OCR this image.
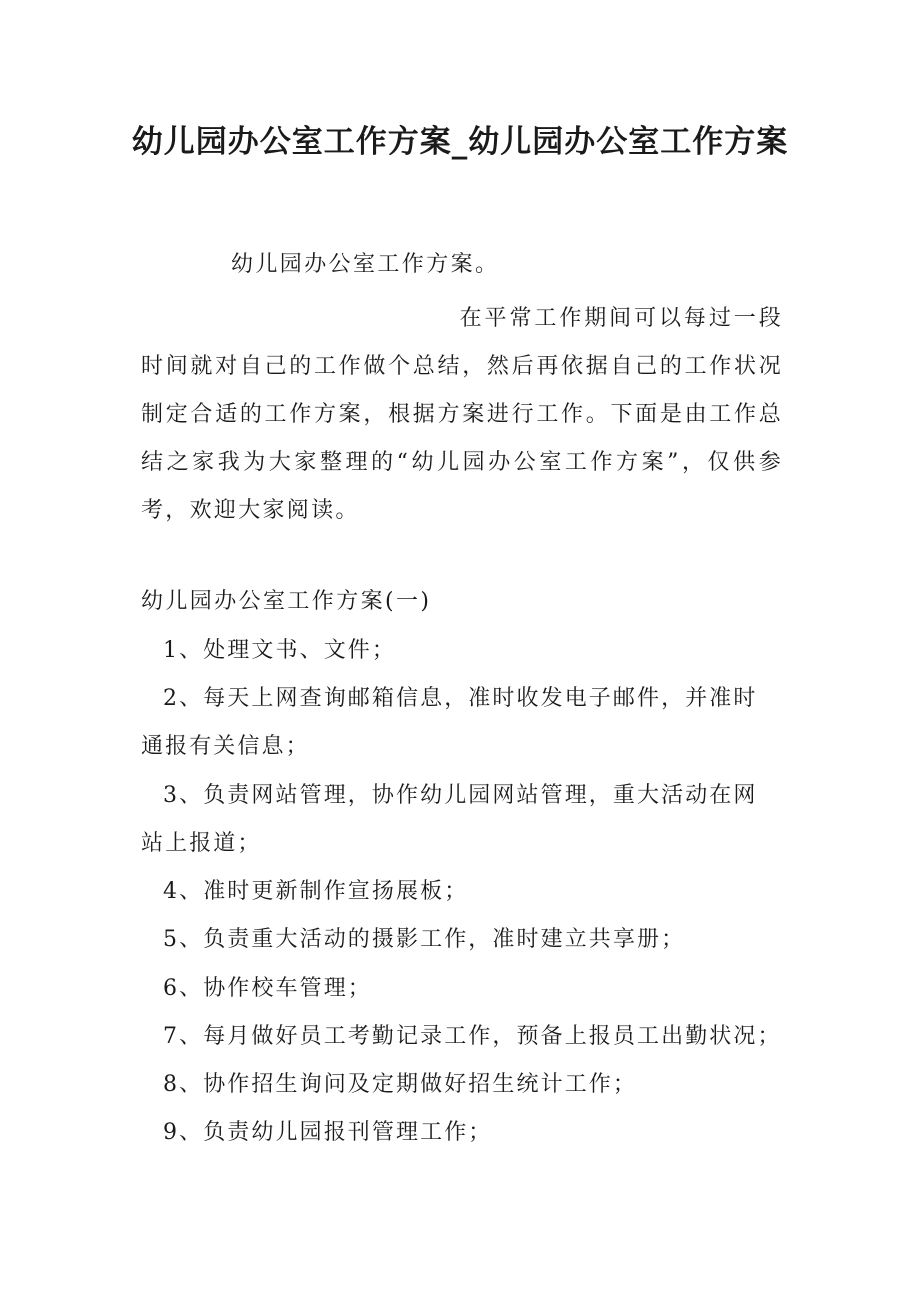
幼儿园办公室工作方案_幼儿园办公室工作方案
幼儿园办公室工作方案。

在平常工作期间可以每过一段时间就对自己的工作做个总结，然后再依据自己的工作状况制定合适的工作方案，根据方案进行工作。下面是由工作总结之家我为大家整理的“幼儿园办公室工作方案”，仅供参考，欢迎大家阅读。

幼儿园办公室工作方案(一)
1、处理文书、文件；
2、每天上网查询邮箱信息，准时收发电子邮件，并准时
通报有关信息；
3、负责网站管理，协作幼儿园网站管理，重大活动在网
站上报道；
4、准时更新制作宣扬展板；
5、负责重大活动的摄影工作，准时建立共享册；
6、协作校车管理；
7、每月做好员工考勤记录工作，预备上报员工出勤状况；
8、协作招生询问及定期做好招生统计工作；
9、负责幼儿园报刊管理工作；
